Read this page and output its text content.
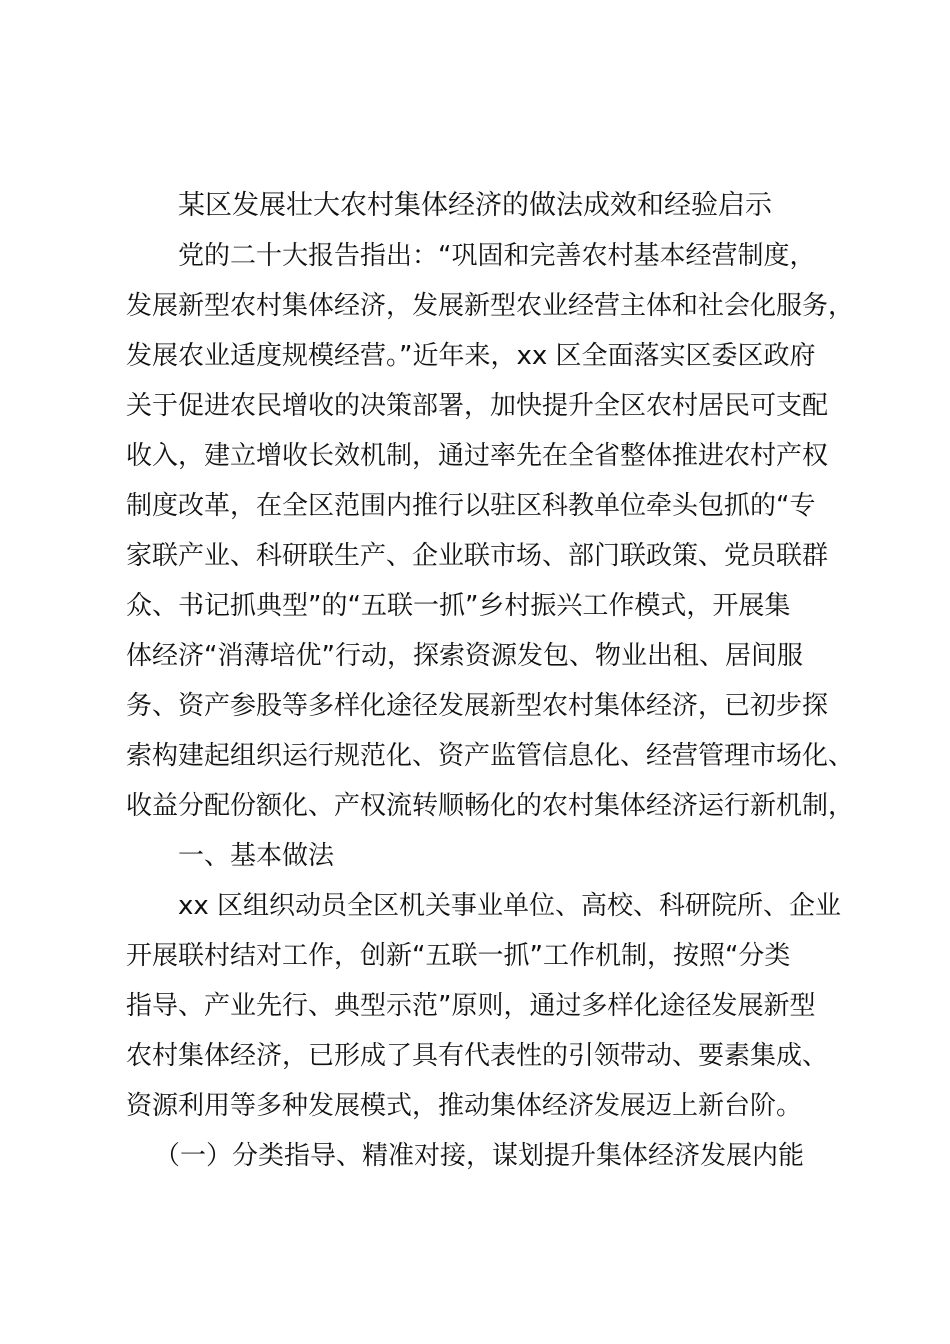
某区发展壮大农村集体经济的做法成效和经验启示
党的二十大报告指出：“巩固和完善农村基本经营制度，
发展新型农村集体经济，发展新型农业经营主体和社会化服务，
发展农业适度规模经营。”近年来，xx 区全面落实区委区政府
关于促进农民增收的决策部署，加快提升全区农村居民可支配
收入，建立增收长效机制，通过率先在全省整体推进农村产权
制度改革，在全区范围内推行以驻区科教单位牵头包抓的“专
家联产业、科研联生产、企业联市场、部门联政策、党员联群
众、书记抓典型”的“五联一抓”乡村振兴工作模式，开展集
体经济“消薄培优”行动，探索资源发包、物业出租、居间服
务、资产参股等多样化途径发展新型农村集体经济，已初步探
索构建起组织运行规范化、资产监管信息化、经营管理市场化、
收益分配份额化、产权流转顺畅化的农村集体经济运行新机制，
一、基本做法
xx 区组织动员全区机关事业单位、高校、科研院所、企业
开展联村结对工作，创新“五联一抓”工作机制，按照“分类
指导、产业先行、典型示范”原则，通过多样化途径发展新型
农村集体经济，已形成了具有代表性的引领带动、要素集成、
资源利用等多种发展模式，推动集体经济发展迈上新台阶。
（一）分类指导、精准对接，谋划提升集体经济发展内能
